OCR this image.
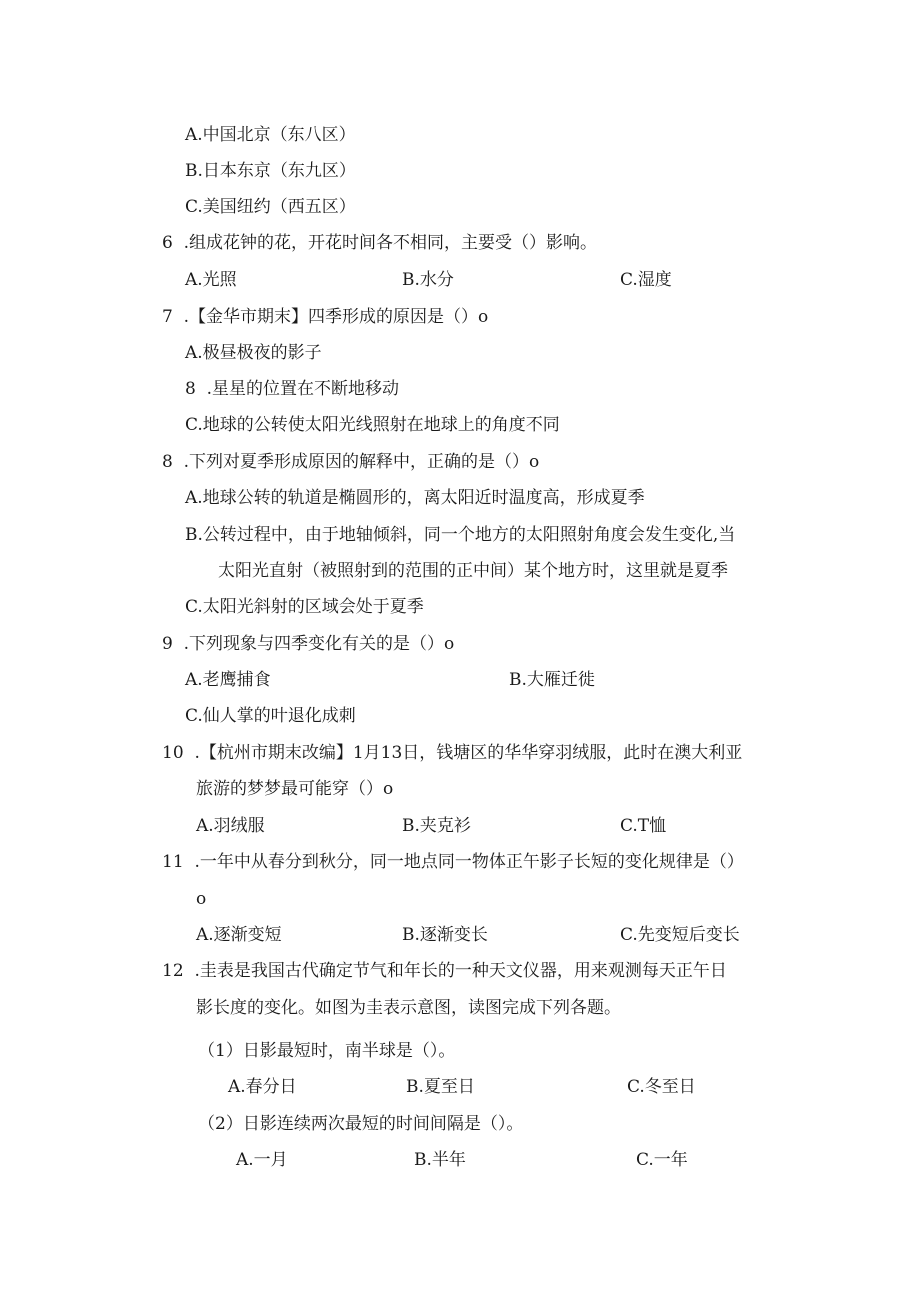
A.中国北京（东八区）
B.日本东京（东九区）
C.美国纽约（西五区）
6  .组成花钟的花，开花时间各不相同，主要受（）影响。
A.光照	B.水分	C.湿度
7  .【金华市期末】四季形成的原因是（）o
A.极昼极夜的影子
8  .星星的位置在不断地移动
C.地球的公转使太阳光线照射在地球上的角度不同
8  .下列对夏季形成原因的解释中，正确的是（）o
A.地球公转的轨道是椭圆形的，离太阳近时温度高，形成夏季
B.公转过程中，由于地轴倾斜，同一个地方的太阳照射角度会发生变化,当
太阳光直射（被照射到的范围的正中间）某个地方时，这里就是夏季
C.太阳光斜射的区域会处于夏季
9  .下列现象与四季变化有关的是（）o
A.老鹰捕食	B.大雁迁徙
C.仙人掌的叶退化成刺
10  .【杭州市期末改编】1月13日，钱塘区的华华穿羽绒服，此时在澳大利亚
旅游的梦梦最可能穿（）o
A.羽绒服	B.夹克衫	C.T恤
11  .一年中从春分到秋分，同一地点同一物体正午影子长短的变化规律是（）
o
A.逐渐变短	B.逐渐变长	C.先变短后变长
12  .圭表是我国古代确定节气和年长的一种天文仪器，用来观测每天正午日
影长度的变化。如图为圭表示意图，读图完成下列各题。
（1）日影最短时，南半球是（）。
A.春分日	B.夏至日	C.冬至日
（2）日影连续两次最短的时间间隔是（）。
A.一月	B.半年	C.一年
